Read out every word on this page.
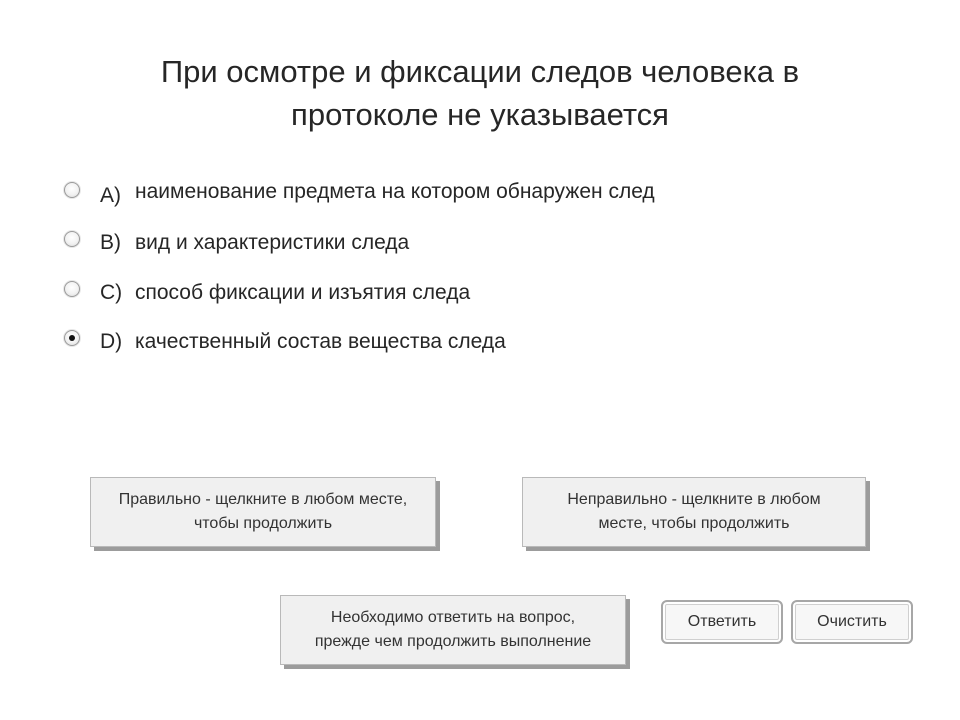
При осмотре и фиксации следов человека в
протоколе не указывается
A) наименование предмета на котором обнаружен след
B) вид и характеристики следа
C) способ фиксации и изъятия следа
D) качественный состав вещества следа
Правильно - щелкните в любом месте,
чтобы продолжить
Неправильно - щелкните в любом
месте, чтобы продолжить
Необходимо ответить на вопрос,
прежде чем продолжить выполнение
Ответить	Очистить
